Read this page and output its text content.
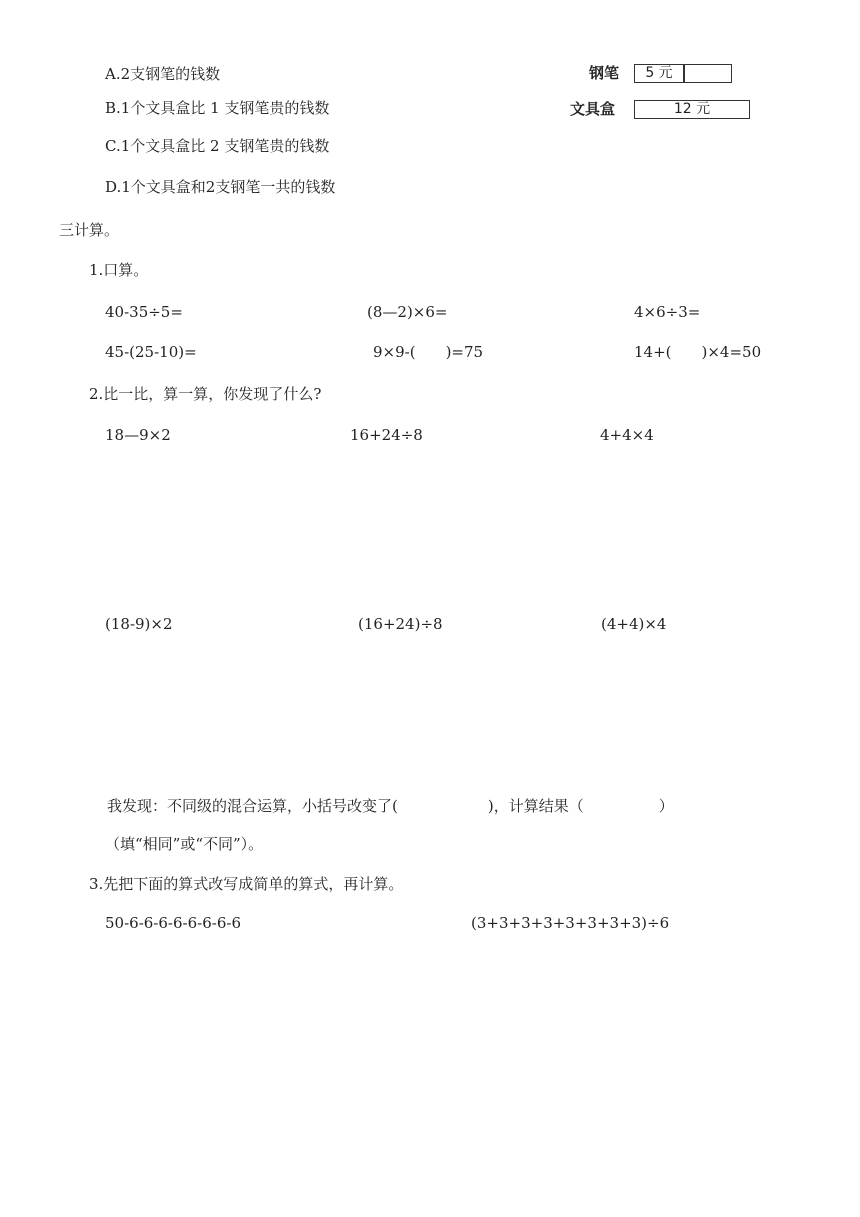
A.2支钢笔的钱数
B.1个文具盒比 1 支钢笔贵的钱数
C.1个文具盒比 2 支钢笔贵的钱数
D.1个文具盒和2支钢笔一共的钱数
钢笔	5 元
文具盒	12 元
三计算。
1.口算。
40-35÷5=	(8—2)×6=	4×6÷3=
45-(25-10)=	9×9-(　　)=75	14+(　　)×4=50
2.比一比，算一算，你发现了什么?
18—9×2	16+24÷8	4+4×4
(18-9)×2	(16+24)÷8	(4+4)×4
我发现：不同级的混合运算，小括号改变了(　　　　　　)，计算结果（　　　　　）
（填“相同”或“不同”）。
3.先把下面的算式改写成简单的算式，再计算。
50-6-6-6-6-6-6-6-6	(3+3+3+3+3+3+3+3)÷6
